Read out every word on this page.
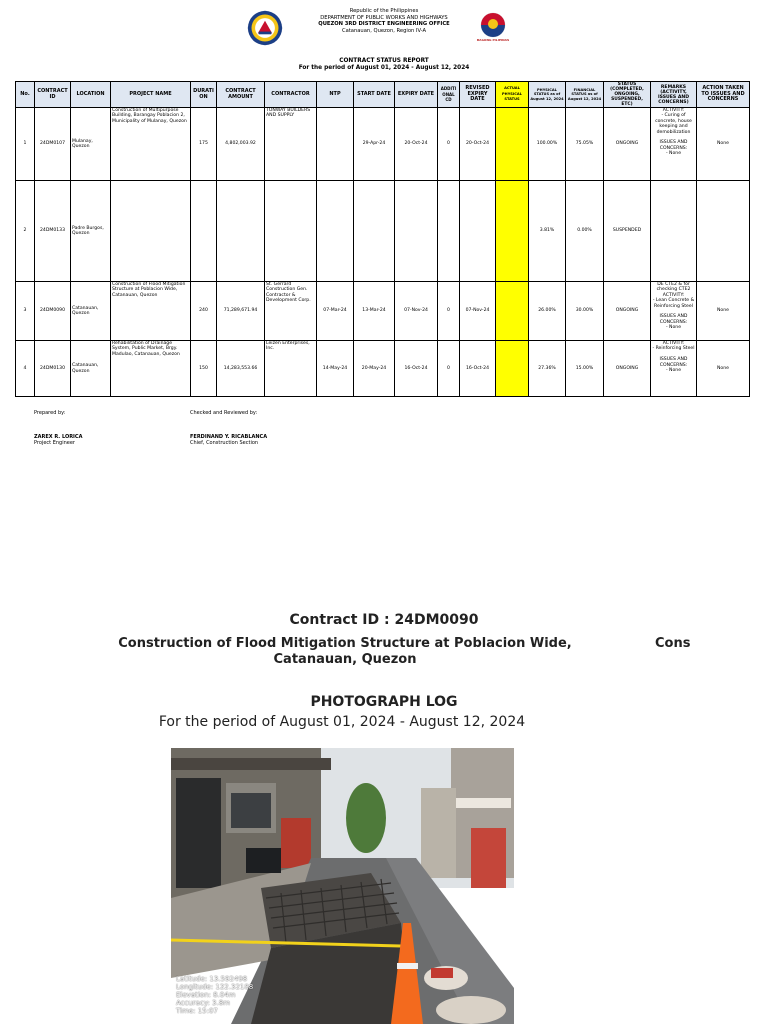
Republic of the Philippines
DEPARTMENT OF PUBLIC WORKS AND HIGHWAYS
QUEZON 3RD DISTRICT ENGINEERING OFFICE
Catanauan, Quezon, Region IV-A
BAGONG PILIPINAS
CONTRACT STATUS REPORT
For the period of August 01, 2024 - August 12, 2024
No.	CONTRACT ID	LOCATION	PROJECT NAME	DURATI ON	CONTRACT AMOUNT	CONTRACTOR	NTP	START DATE	EXPIRY DATE	ADDITI ONAL CD	REVISED EXPIRY DATE	ACTUAL PHYSICAL STATUS	PHYSICAL STATUS as of August 12, 2024	FINANCIAL STATUS as of August 12, 2024	STATUS (COMPLETED, ONGOING, SUSPENDED, ETC)	REMARKS (ACTIVITY, ISSUES AND CONCERNS)	ACTION TAKEN TO ISSUES AND CONCERNS
1	24DM0107	Mulanay, Quezon	Construction of Multipurpose Building, Barangay Poblacion 2, Municipality of Mulanay, Quezon	175	4,802,003.92	TONWAY BUILDERS AND SUPPLY		29-Apr-24	20-Oct-24	0	20-Oct-24		100.00%	75.05%	ONGOING	ACTIVITY:
- Curing of concrete, house keeping and demobilization

ISSUES AND CONCERNS:
- None	None
2	24DM0133	Padre Burgos, Quezon											3.81%	0.00%	SUSPENDED		
3	24DM0090	Catanauan, Quezon	Construction of Flood Mitigation Structure at Poblacion Wide, Catanauan, Quezon	240	71,289,671.94	St. Gerrard Construction Gen. Contractor & Development Corp.	07-Mar-24	13-Mar-24	07-Nov-24	0	07-Nov-24		26.00%	30.00%	ONGOING	DE CTE2 & for checking CTE2
ACTIVITY:
- Lean Concrete & Reinforcing Steel

ISSUES AND CONCERNS:
- None	None
4	24DM0130	Catanauan, Quezon	Rehabilitation of Drainage System, Public Market, Brgy. Madulao, Catanauan, Quezon	150	14,283,553.66	Leizen Enterprises, Inc.	14-May-24	20-May-24	16-Oct-24	0	16-Oct-24		27.36%	15.00%	ONGOING	ACTIVITY:
- Reinforcing Steel

ISSUES AND CONCERNS:
- None	None
Prepared by:
ZAREX R. LORICA
Project Engineer
Checked and Reviewed by:
FERDINAND Y. RICABLANCA
Chief, Construction Section
Contract ID : 24DM0090
Construction of Flood Mitigation Structure at Poblacion Wide, Catanauan, Quezon
Cons
PHOTOGRAPH LOG
For the period of August 01, 2024 - August 12, 2024
Latitude: 13.592498
Longitude: 122.32188
Elevation: 8.04m
Accuracy: 3.8m
Time: 15:07
